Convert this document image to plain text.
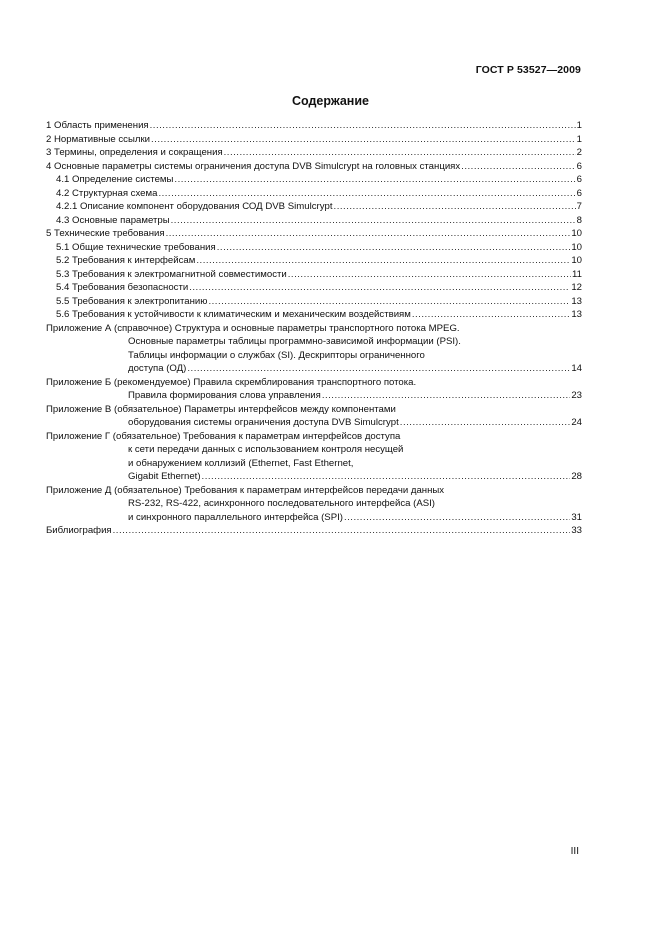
ГОСТ Р 53527—2009
Содержание
1 Область применения .....	1
2 Нормативные ссылки .....	1
3 Термины, определения и сокращения .....	2
4 Основные параметры системы ограничения доступа DVB Simulcrypt на головных станциях .....	6
4.1 Определение системы .....	6
4.2 Структурная схема .....	6
4.2.1 Описание компонент оборудования СОД DVB Simulcrypt .....	7
4.3 Основные параметры .....	8
5 Технические требования .....	10
5.1 Общие технические требования .....	10
5.2 Требования к интерфейсам .....	10
5.3 Требования к электромагнитной совместимости .....	11
5.4 Требования безопасности .....	12
5.5 Требования к электропитанию .....	13
5.6 Требования к устойчивости к климатическим и механическим воздействиям .....	13
Приложение А (справочное) Структура и основные параметры транспортного потока MPEG.
Основные параметры таблицы программно-зависимой информации (PSI).
Таблицы информации о службах (SI). Дескрипторы ограниченного
доступа (ОД) .....	14
Приложение Б (рекомендуемое) Правила скремблирования транспортного потока.
Правила формирования слова управления .....	23
Приложение В (обязательное) Параметры интерфейсов между компонентами
оборудования системы ограничения доступа DVB Simulcrypt .....	24
Приложение Г (обязательное) Требования к параметрам интерфейсов доступа
к сети передачи данных с использованием контроля несущей
и обнаружением коллизий (Ethernet, Fast Ethernet,
Gigabit Ethernet) .....	28
Приложение Д (обязательное) Требования к параметрам интерфейсов передачи данных
RS-232, RS-422, асинхронного последовательного интерфейса (ASI)
и синхронного параллельного интерфейса (SPI) .....	31
Библиография .....	33
III
